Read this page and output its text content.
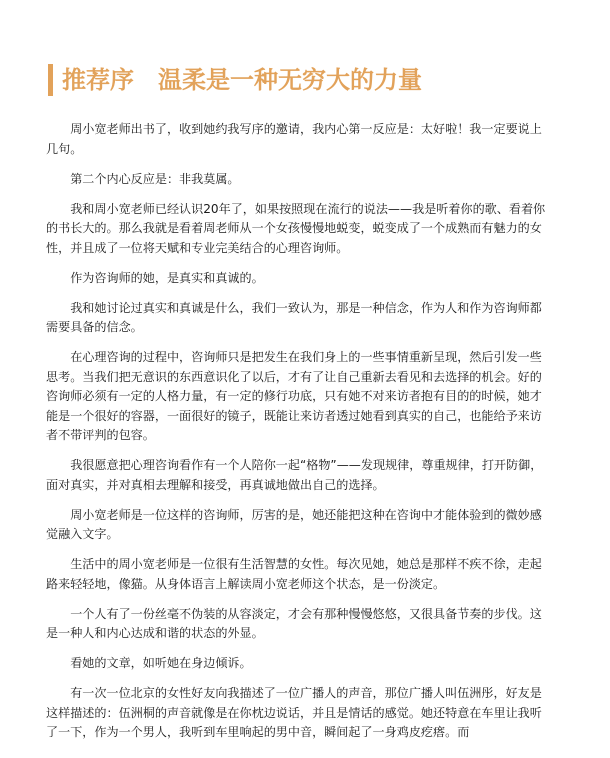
推荐序　温柔是一种无穷大的力量

周小宽老师出书了，收到她约我写序的邀请，我内心第一反应是：太好啦！我一定要说上几句。

第二个内心反应是：非我莫属。

我和周小宽老师已经认识20年了，如果按照现在流行的说法——我是听着你的歌、看着你的书长大的。那么我就是看着周老师从一个女孩慢慢地蜕变，蜕变成了一个成熟而有魅力的女性，并且成了一位将天赋和专业完美结合的心理咨询师。

作为咨询师的她，是真实和真诚的。

我和她讨论过真实和真诚是什么，我们一致认为，那是一种信念，作为人和作为咨询师都需要具备的信念。

在心理咨询的过程中，咨询师只是把发生在我们身上的一些事情重新呈现，然后引发一些思考。当我们把无意识的东西意识化了以后，才有了让自己重新去看见和去选择的机会。好的咨询师必须有一定的人格力量，有一定的修行功底，只有她不对来访者抱有目的的时候，她才能是一个很好的容器，一面很好的镜子，既能让来访者透过她看到真实的自己，也能给予来访者不带评判的包容。

我很愿意把心理咨询看作有一个人陪你一起“格物”——发现规律，尊重规律，打开防御，面对真实，并对真相去理解和接受，再真诚地做出自己的选择。

周小宽老师是一位这样的咨询师，厉害的是，她还能把这种在咨询中才能体验到的微妙感觉融入文字。

生活中的周小宽老师是一位很有生活智慧的女性。每次见她，她总是那样不疾不徐，走起路来轻轻地，像猫。从身体语言上解读周小宽老师这个状态，是一份淡定。

一个人有了一份丝毫不伪装的从容淡定，才会有那种慢慢悠悠，又很具备节奏的步伐。这是一种人和内心达成和谐的状态的外显。

看她的文章，如听她在身边倾诉。

有一次一位北京的女性好友向我描述了一位广播人的声音，那位广播人叫伍洲彤，好友是这样描述的：伍洲桐的声音就像是在你枕边说话，并且是情话的感觉。她还特意在车里让我听了一下，作为一个男人，我听到车里响起的男中音，瞬间起了一身鸡皮疙瘩。而
